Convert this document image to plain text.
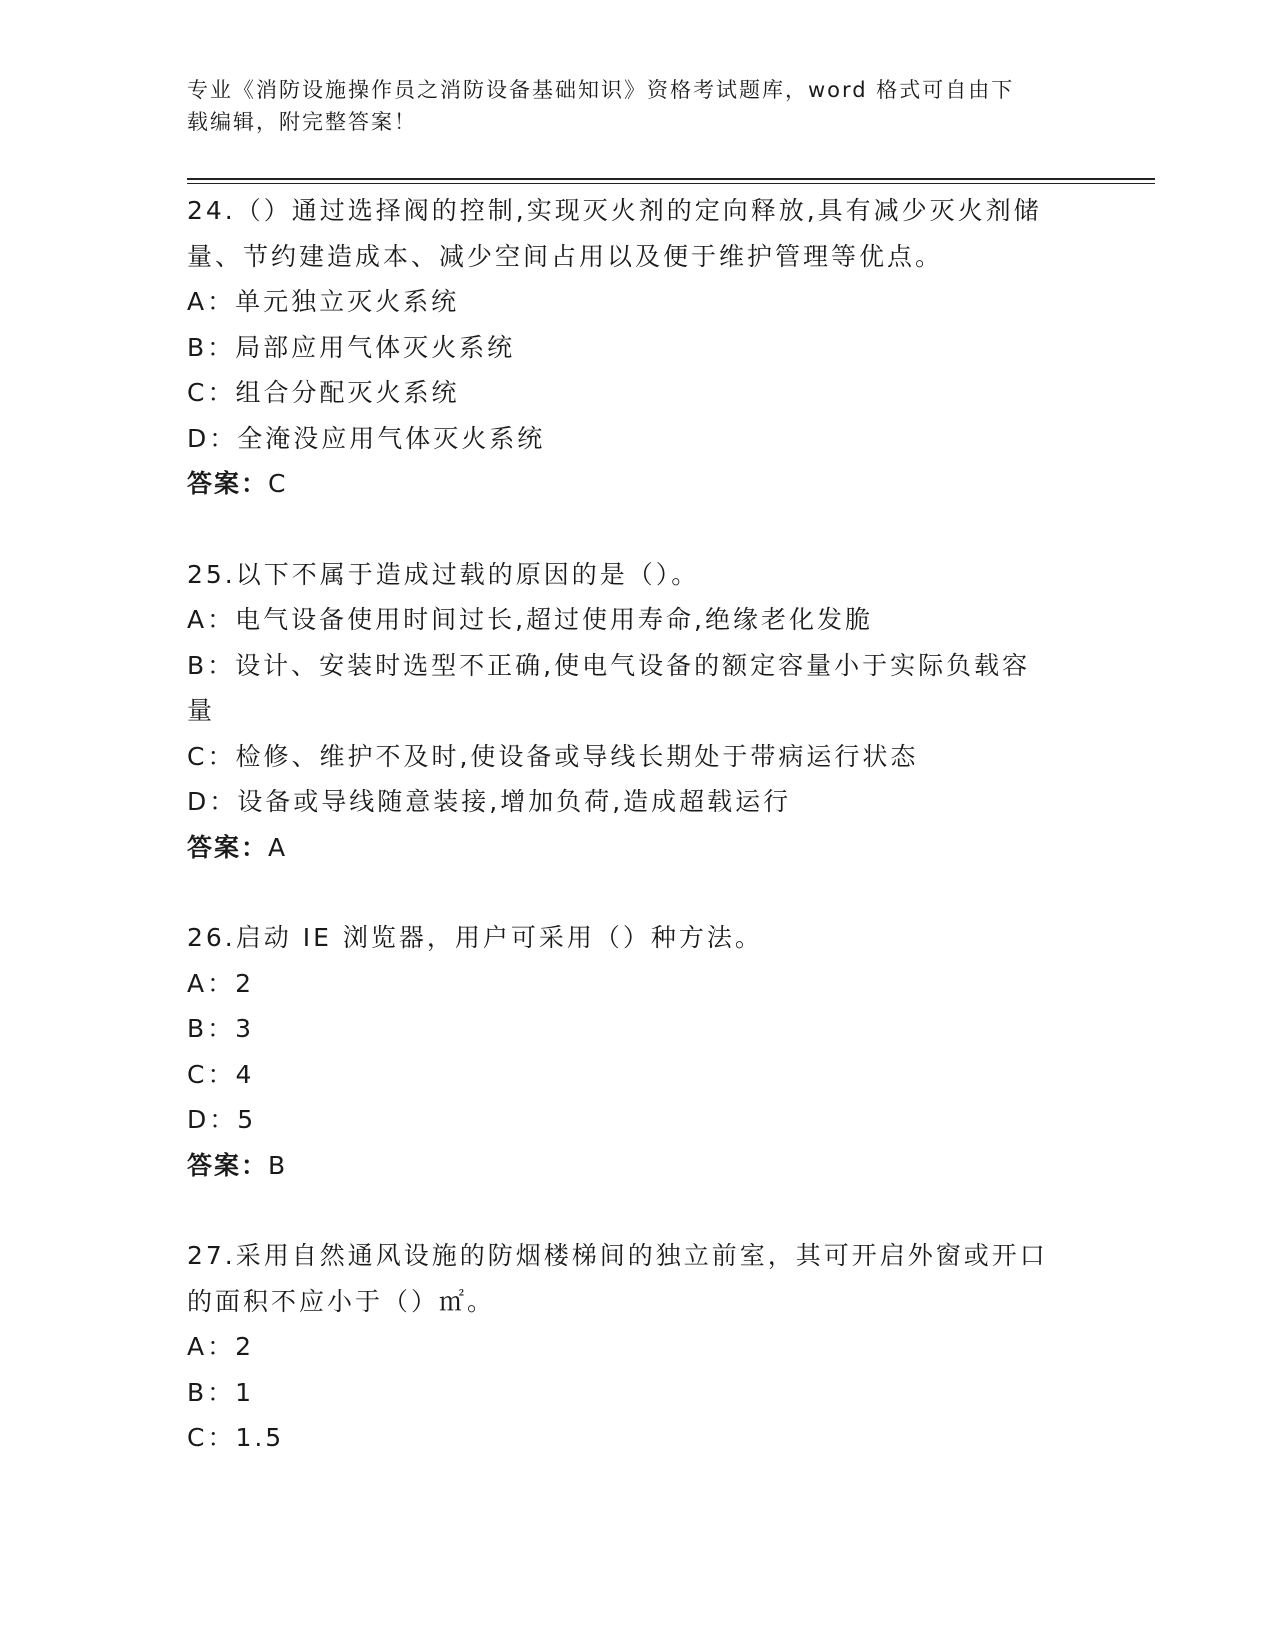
专业《消防设施操作员之消防设备基础知识》资格考试题库，word 格式可自由下
载编辑，附完整答案！
24.（）通过选择阀的控制,实现灭火剂的定向释放,具有减少灭火剂储
量、节约建造成本、减少空间占用以及便于维护管理等优点。
A：单元独立灭火系统
B：局部应用气体灭火系统
C：组合分配灭火系统
D：全淹没应用气体灭火系统
答案：C
25.以下不属于造成过载的原因的是（）。
A：电气设备使用时间过长,超过使用寿命,绝缘老化发脆
B：设计、安装时选型不正确,使电气设备的额定容量小于实际负载容
量
C：检修、维护不及时,使设备或导线长期处于带病运行状态
D：设备或导线随意装接,增加负荷,造成超载运行
答案：A
26.启动 IE 浏览器，用户可采用（）种方法。
A：2
B：3
C：4
D：5
答案：B
27.采用自然通风设施的防烟楼梯间的独立前室，其可开启外窗或开口
的面积不应小于（）㎡。
A：2
B：1
C：1.5
